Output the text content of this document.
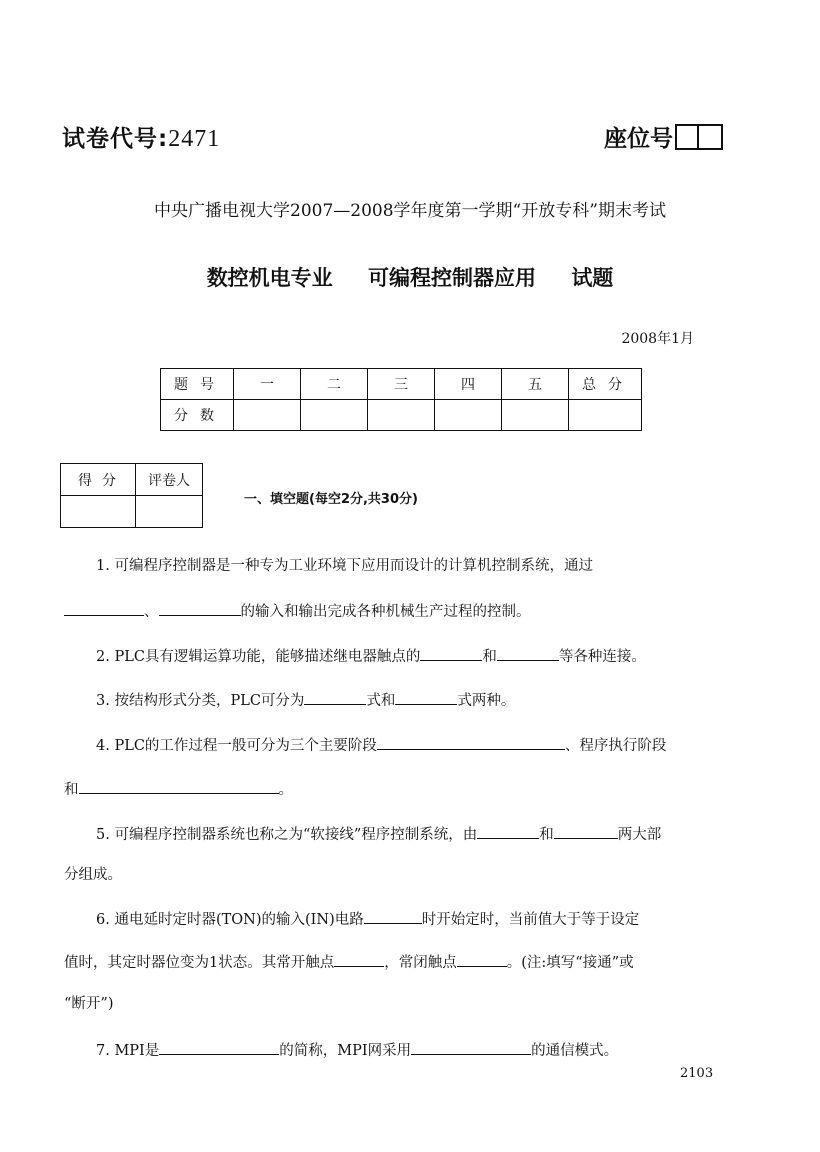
试卷代号:2471	座位号
中央广播电视大学2007—2008学年度第一学期“开放专科”期末考试
数控机电专业 可编程控制器应用 试题
2008年1月
题号	一	二	三	四	五	总分
分数						
得分	评卷人

一、填空题(每空2分,共30分)
1. 可编程序控制器是一种专为工业环境下应用而设计的计算机控制系统，通过
、	的输入和输出完成各种机械生产过程的控制。
2. PLC具有逻辑运算功能，能够描述继电器触点的	和	等各种连接。
3. 按结构形式分类，PLC可分为	式和	式两种。
4. PLC的工作过程一般可分为三个主要阶段	、程序执行阶段
和	。
5. 可编程序控制器系统也称之为“软接线”程序控制系统，由	和	两大部
分组成。
6. 通电延时定时器(TON)的输入(IN)电路	时开始定时，当前值大于等于设定
值时，其定时器位变为1状态。其常开触点	，常闭触点	。(注:填写“接通”或
“断开”)
7. MPI是	的简称，MPI网采用	的通信模式。
2103
